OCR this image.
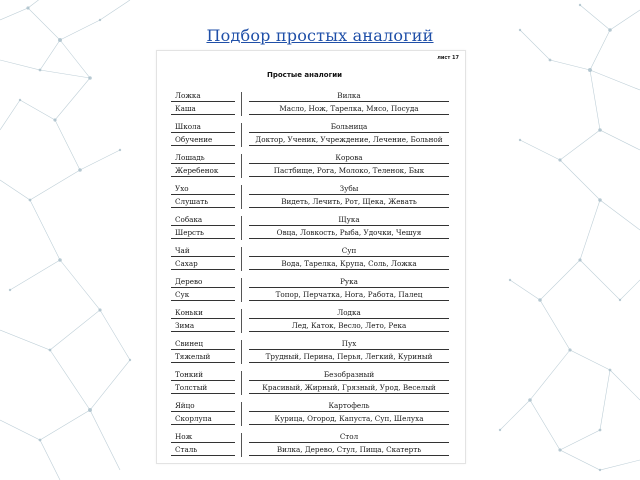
Подбор простых аналогий
лист 17
Простые аналогии
Ложка
Каша
Вилка
Масло, Нож, Тарелка, Мясо, Посуда
Школа
Обучение
Больница
Доктор, Ученик, Учреждение, Лечение, Больной
Лошадь
Жеребенок
Корова
Пастбище, Рога, Молоко, Теленок, Бык
Ухо
Слушать
Зубы
Видеть, Лечить, Рот, Щека, Жевать
Собака
Шерсть
Щука
Овца, Ловкость, Рыба, Удочки, Чешуя
Чай
Сахар
Суп
Вода, Тарелка, Крупа, Соль, Ложка
Дерево
Сук
Рука
Топор, Перчатка, Нога, Работа, Палец
Коньки
Зима
Лодка
Лед, Каток, Весло, Лето, Река
Свинец
Тяжелый
Пух
Трудный, Перина, Перья, Легкий, Куриный
Тонкий
Толстый
Безобразный
Красивый, Жирный, Грязный, Урод, Веселый
Яйцо
Скорлупа
Картофель
Курица, Огород, Капуста, Суп, Шелуха
Нож
Сталь
Стол
Вилка, Дерево, Стул, Пища, Скатерть
